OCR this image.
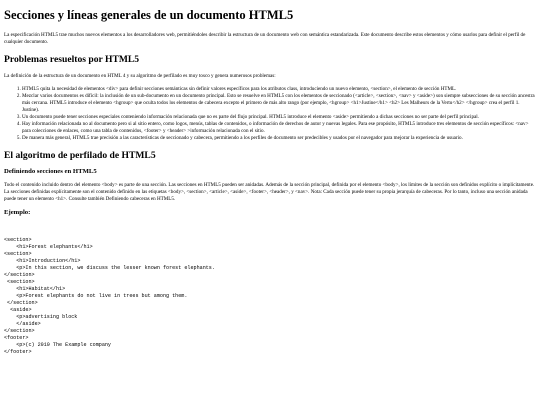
Secciones y líneas generales de un documento HTML5

La especificación HTML5 trae muchos nuevos elementos a los desarrolladores web, permitiéndoles describir la estructura de un documento web con semántica estandarizada. Este documento describe estos elementos y cómo usarlos para definir el perfil de cualquier documento.

Problemas resueltos por HTML5

La definición de la estructura de un documento en HTML 4 y su algoritmo de perfilado es muy tosco y genera numerosos problemas:

1. HTML5 quita la necesidad de elementos <div> para definir secciones semánticas sin definir valores específicos para los atributos class, introduciendo un nuevo elemento, <section>, el elemento de sección HTML.
2. Mezclar varios documentos es difícil: la inclusión de un sub-documento en un documento principal. Esto se resuelve en HTML5 con los elementos de seccionado (<article>, <section>, <nav> y <aside>) son siempre subsecciones de su sección ancestra más cercana. HTML5 introduce el elemento <hgroup> que oculta todos los elementos de cabecera excepto el primero de más alto rango (por ejemplo, <hgroup> <h1>Justine</h1> <h2> Les Malheurs de la Vertu</h2> </hgroup> crea el perfil 1. Justine).
3. Un documento puede tener secciones especiales conteniendo información relacionada que no es parte del flujo principal. HTML5 introduce el elemento <aside> permitiendo a dichas secciones no ser parte del perfil principal.
4. Hay información relacionada no al documento pero si al sitio entero, como logos, menús, tablas de contenidos, o información de derechos de autor y nuevas legales. Para ese propósito, HTML5 introduce tres elementos de sección específicos: <nav> para colecciones de enlaces, como una tabla de contenidos, <footer> y <header> >información relacionada con el sitio.
5. De manera más general, HTML5 trae precisión a las características de seccionado y cabecera, permitiendo a los perfiles de documento ser predecibles y usados por el navegador para mejorar la experiencia de usuario.
El algoritmo de perfilado de HTML5
Definiendo secciones en HTML5

Todo el contenido incluido dentro del elemento <body> es parte de una sección. Las secciones en HTML5 pueden ser anidadas. Además de la sección principal, definida por el elemento <body>, los límites de la sección son definidos explícito o implícitamente. La secciones definidas explícitamente son el contenido definido en las etiquetas <body>, <section>, <article>, <aside>, <footer>, <header>, y <nav>. Nota: Cada sección puede tener su propia jerarquía de cabeceras. Por lo tanto, incluso una sección anidada puede tener un elemento <h1>. Consulte también Definiendo cabeceras en HTML5.

Ejemplo:
<section>
<h1>Forest elephants</h1>
<section>
<h1>Introduction</h1>
<p>In this section, we discuss the lesser known forest elephants.
</section>
<section>
<h1>Habitat</h1>
<p>Forest elephants do not live in trees but among them.
</section>
<aside>
<p>advertising block
</aside>
</section>
<footer>
<p>(c) 2010 The Example company
</footer>
